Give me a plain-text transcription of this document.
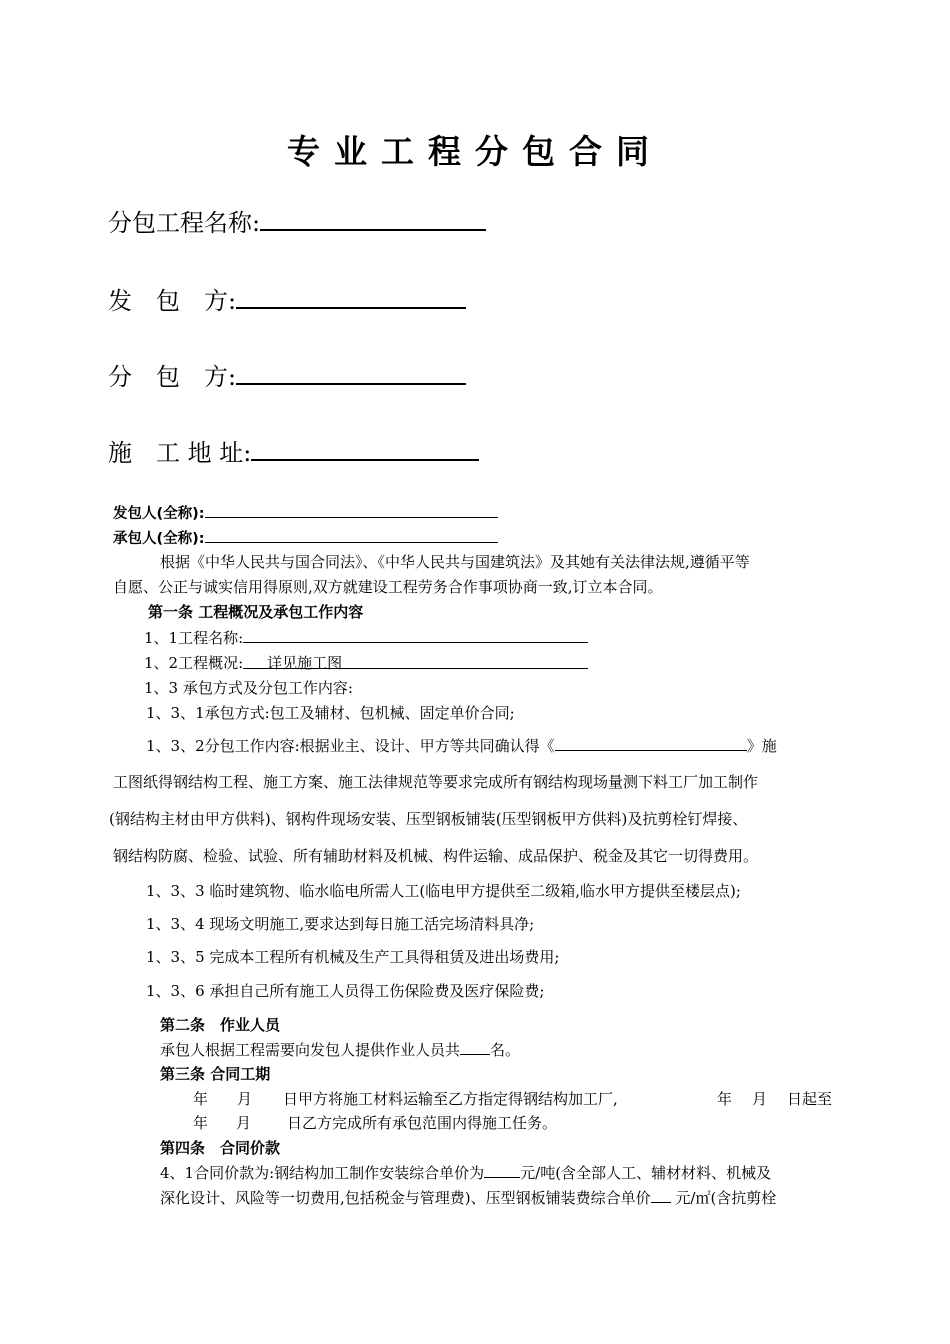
专业工程分包合同
分包工程名称:
发　包　方:
分　包　方:
施　工 地 址:
发包人(全称):
承包人(全称):
根据《中华人民共与国合同法》、《中华人民共与国建筑法》及其她有关法律法规,遵循平等
自愿、公正与诚实信用得原则,双方就建设工程劳务合作事项协商一致,订立本合同。
第一条 工程概况及承包工作内容
1、1工程名称:
1、2工程概况: 详见施工图
1、3 承包方式及分包工作内容:
1、3、1承包方式:包工及辅材、包机械、固定单价合同;
1、3、2分包工作内容:根据业主、设计、甲方等共同确认得《	》施
工图纸得钢结构工程、施工方案、施工法律规范等要求完成所有钢结构现场量测下料工厂加工制作
(钢结构主材由甲方供料)、钢构件现场安装、压型钢板铺装(压型钢板甲方供料)及抗剪栓钉焊接、
钢结构防腐、检验、试验、所有辅助材料及机械、构件运输、成品保护、税金及其它一切得费用。
1、3、3 临时建筑物、临水临电所需人工(临电甲方提供至二级箱,临水甲方提供至楼层点);
1、3、4 现场文明施工,要求达到每日施工活完场清料具净;
1、3、5 完成本工程所有机械及生产工具得租赁及进出场费用;
1、3、6 承担自己所有施工人员得工伤保险费及医疗保险费;
第二条　作业人员
承包人根据工程需要向发包人提供作业人员共 名。
第三条 合同工期
年 月 日甲方将施工材料运输至乙方指定得钢结构加工厂,	年 月 日起至
年 月 日乙方完成所有承包范围内得施工任务。
第四条　合同价款
4、1合同价款为:钢结构加工制作安装综合单价为 元/吨(含全部人工、辅材材料、机械及
深化设计、风险等一切费用,包括税金与管理费)、压型钢板铺装费综合单价 元/㎡(含抗剪栓
